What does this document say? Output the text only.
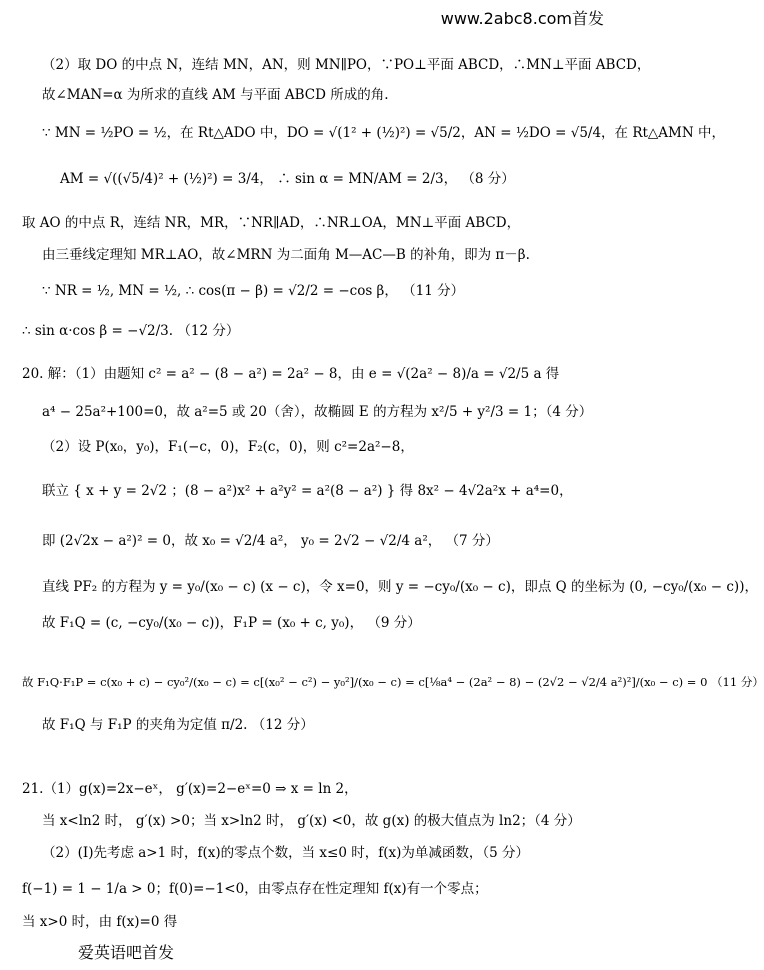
www.2abc8.com首发
（2）取 DO 的中点 N，连结 MN，AN，则 MN∥PO，∵PO⊥平面 ABCD，∴MN⊥平面 ABCD，
故∠MAN=α 为所求的直线 AM 与平面 ABCD 所成的角.
∵ MN = ½PO = ½，在 Rt△ADO 中，DO = √(1² + (½)²) = √5/2，AN = ½DO = √5/4，在 Rt△AMN 中，
AM = √((√5/4)² + (½)²) = 3/4， ∴ sin α = MN/AM = 2/3， （8 分）
取 AO 的中点 R，连结 NR，MR，∵NR∥AD，∴NR⊥OA，MN⊥平面 ABCD，
由三垂线定理知 MR⊥AO，故∠MRN 为二面角 M—AC—B 的补角，即为 π－β.
∵ NR = ½, MN = ½, ∴ cos(π − β) = √2/2 = −cos β， （11 分）
∴ sin α·cos β = −√2/3. （12 分）
20. 解：（1）由题知 c² = a² − (8 − a²) = 2a² − 8，由 e = √(2a² − 8)/a = √2/5 a 得
a⁴ − 25a²+100=0，故 a²=5 或 20（舍），故椭圆 E 的方程为 x²/5 + y²/3 = 1；（4 分）
（2）设 P(x₀，y₀)，F₁(−c，0)，F₂(c，0)，则 c²=2a²−8，
联立 { x + y = 2√2 ；(8 − a²)x² + a²y² = a²(8 − a²) } 得 8x² − 4√2a²x + a⁴=0，
即 (2√2x − a²)² = 0，故 x₀ = √2/4 a²， y₀ = 2√2 − √2/4 a²， （7 分）
直线 PF₂ 的方程为 y = y₀/(x₀ − c) (x − c)，令 x=0，则 y = −cy₀/(x₀ − c)，即点 Q 的坐标为 (0, −cy₀/(x₀ − c))，
故 F₁Q = (c, −cy₀/(x₀ − c))，F₁P = (x₀ + c, y₀)， （9 分）
故 F₁Q·F₁P = c(x₀ + c) − cy₀²/(x₀ − c) = c[(x₀² − c²) − y₀²]/(x₀ − c) = c[⅛a⁴ − (2a² − 8) − (2√2 − √2/4 a²)²]/(x₀ − c) = 0 （11 分）
故 F₁Q 与 F₁P 的夹角为定值 π/2. （12 分）
21.（1）g(x)=2x−eˣ， g′(x)=2−eˣ=0 ⇒ x = ln 2，
当 x<ln2 时， g′(x) >0；当 x>ln2 时， g′(x) <0，故 g(x) 的极大值点为 ln2；（4 分）
（2）(Ⅰ)先考虑 a>1 时，f(x)的零点个数，当 x≤0 时，f(x)为单减函数，（5 分）
f(−1) = 1 − 1/a > 0；f(0)=−1<0，由零点存在性定理知 f(x)有一个零点；
当 x>0 时，由 f(x)=0 得
爱英语吧首发
